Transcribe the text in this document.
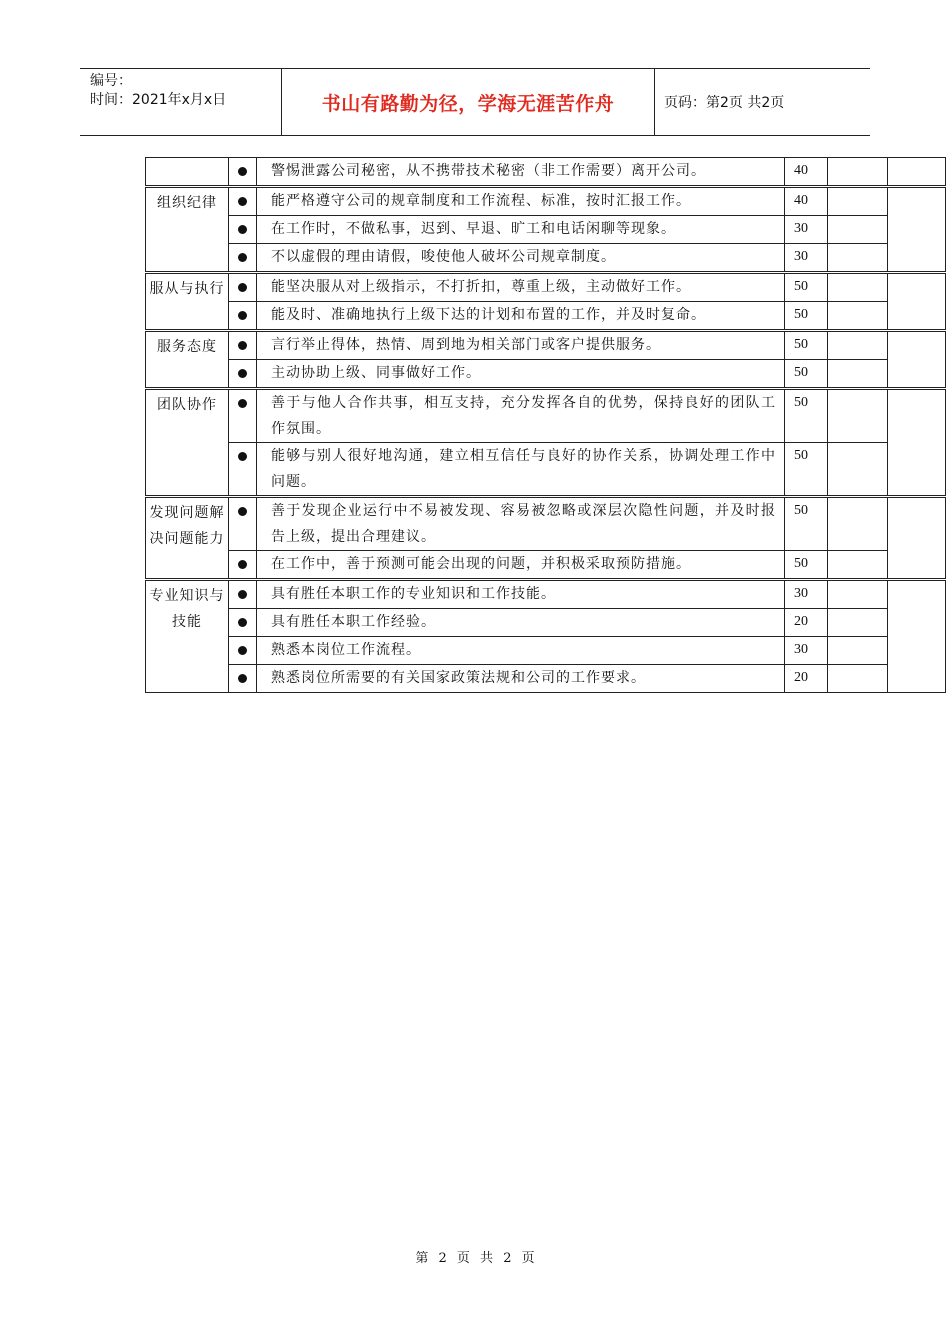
编号：
时间：2021年x月x日	书山有路勤为径，学海无涯苦作舟	页码：第2页 共2页
		警惕泄露公司秘密，从不携带技术秘密（非工作需要）离开公司。	40		
组织纪律		能严格遵守公司的规章制度和工作流程、标准，按时汇报工作。	40		
		在工作时，不做私事，迟到、早退、旷工和电话闲聊等现象。	30		
		不以虚假的理由请假，唆使他人破坏公司规章制度。	30		
服从与执行		能坚决服从对上级指示，不打折扣，尊重上级，主动做好工作。	50		
		能及时、准确地执行上级下达的计划和布置的工作，并及时复命。	50		
服务态度		言行举止得体，热情、周到地为相关部门或客户提供服务。	50		
		主动协助上级、同事做好工作。	50		
团队协作		善于与他人合作共事，相互支持，充分发挥各自的优势，保持良好的团队工作氛围。	50		
		能够与别人很好地沟通，建立相互信任与良好的协作关系，协调处理工作中问题。	50		
发现问题解决问题能力		善于发现企业运行中不易被发现、容易被忽略或深层次隐性问题，并及时报告上级，提出合理建议。	50		
		在工作中，善于预测可能会出现的问题，并积极采取预防措施。	50		
专业知识与技能		具有胜任本职工作的专业知识和工作技能。	30		
		具有胜任本职工作经验。	20		
		熟悉本岗位工作流程。	30		
		熟悉岗位所需要的有关国家政策法规和公司的工作要求。	20		
第 2 页 共 2 页
